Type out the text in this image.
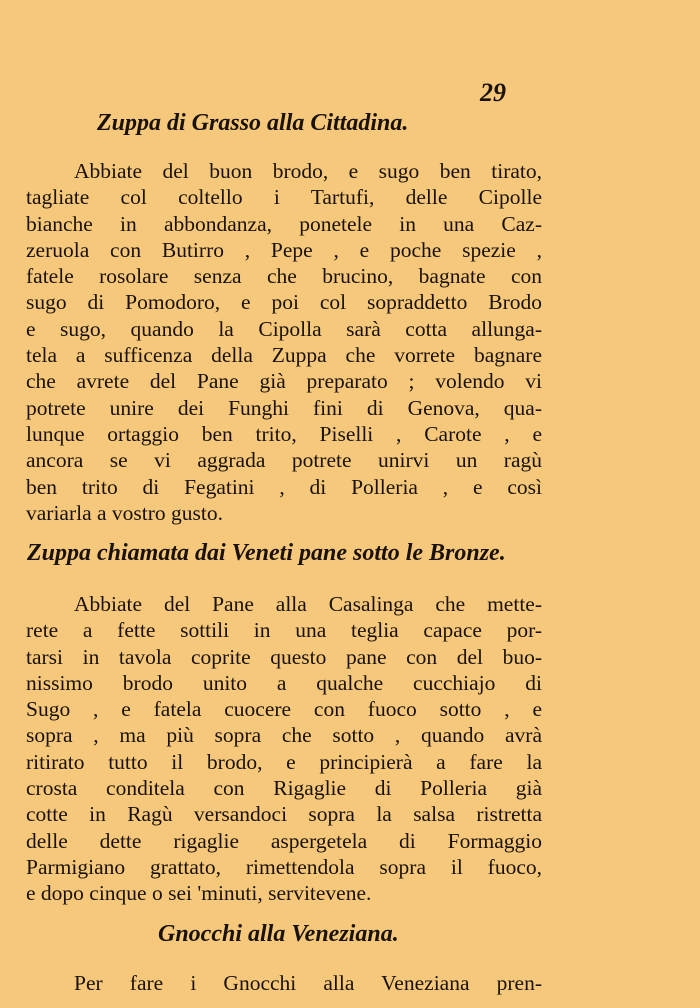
29
Zuppa di Grasso alla Cittadina.
Abbiate del buon brodo, e sugo ben tirato,
tagliate col coltello i Tartufi, delle Cipolle
bianche in abbondanza, ponetele in una Caz-
zeruola con Butirro , Pepe , e poche spezie ,
fatele rosolare senza che brucino, bagnate con
sugo di Pomodoro, e poi col sopraddetto Brodo
e sugo, quando la Cipolla sarà cotta allunga-
tela a sufficenza della Zuppa che vorrete bagnare
che avrete del Pane già preparato ; volendo vi
potrete unire dei Funghi fini di Genova, qua-
lunque ortaggio ben trito, Piselli , Carote , e
ancora se vi aggrada potrete unirvi un ragù
ben trito di Fegatini , di Polleria , e così
variarla a vostro gusto.
Zuppa chiamata dai Veneti pane sotto le Bronze.
Abbiate del Pane alla Casalinga che mette-
rete a fette sottili in una teglia capace por-
tarsi in tavola coprite questo pane con del buo-
nissimo brodo unito a qualche cucchiajo di
Sugo , e fatela cuocere con fuoco sotto , e
sopra , ma più sopra che sotto , quando avrà
ritirato tutto il brodo, e principierà a fare la
crosta conditela con Rigaglie di Polleria già
cotte in Ragù versandoci sopra la salsa ristretta
delle dette rigaglie aspergetela di Formaggio
Parmigiano grattato, rimettendola sopra il fuoco,
e dopo cinque o sei 'minuti, servitevene.
Gnocchi alla Veneziana.
Per fare i Gnocchi alla Veneziana pren-
